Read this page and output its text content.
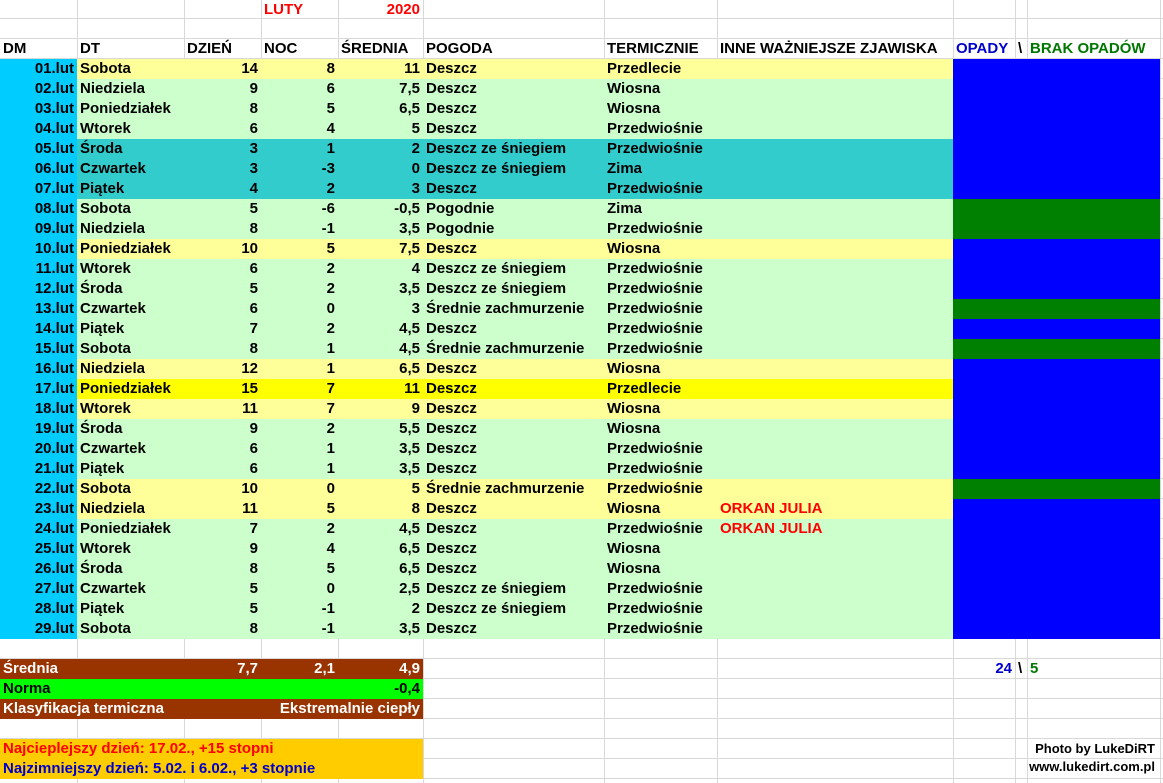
LUTY	2020
DM	DT	DZIEŃ	NOC	ŚREDNIA	POGODA	TERMICZNIE	INNE WAŻNIEJSZE ZJAWISKA	OPADY \ BRAK OPADÓW
01.lut Sobota	14	8	11 Deszcz	Przedlecie
02.lut Niedziela	9	6	7,5 Deszcz	Wiosna
03.lut Poniedziałek	8	5	6,5 Deszcz	Wiosna
04.lut Wtorek	6	4	5 Deszcz	Przedwiośnie
05.lut Środa	3	1	2 Deszcz ze śniegiem	Przedwiośnie
06.lut Czwartek	3	-3	0 Deszcz ze śniegiem	Zima
07.lut Piątek	4	2	3 Deszcz	Przedwiośnie
08.lut Sobota	5	-6	-0,5 Pogodnie	Zima
09.lut Niedziela	8	-1	3,5 Pogodnie	Przedwiośnie
10.lut Poniedziałek	10	5	7,5 Deszcz	Wiosna
11.lut Wtorek	6	2	4 Deszcz ze śniegiem	Przedwiośnie
12.lut Środa	5	2	3,5 Deszcz ze śniegiem	Przedwiośnie
13.lut Czwartek	6	0	3 Średnie zachmurzenie	Przedwiośnie
14.lut Piątek	7	2	4,5 Deszcz	Przedwiośnie
15.lut Sobota	8	1	4,5 Średnie zachmurzenie	Przedwiośnie
16.lut Niedziela	12	1	6,5 Deszcz	Wiosna
17.lut Poniedziałek	15	7	11 Deszcz	Przedlecie
18.lut Wtorek	11	7	9 Deszcz	Wiosna
19.lut Środa	9	2	5,5 Deszcz	Wiosna
20.lut Czwartek	6	1	3,5 Deszcz	Przedwiośnie
21.lut Piątek	6	1	3,5 Deszcz	Przedwiośnie
22.lut Sobota	10	0	5 Średnie zachmurzenie	Przedwiośnie
23.lut Niedziela	11	5	8 Deszcz	Wiosna	ORKAN JULIA
24.lut Poniedziałek	7	2	4,5 Deszcz	Przedwiośnie	ORKAN JULIA
25.lut Wtorek	9	4	6,5 Deszcz	Wiosna
26.lut Środa	8	5	6,5 Deszcz	Wiosna
27.lut Czwartek	5	0	2,5 Deszcz ze śniegiem	Przedwiośnie
28.lut Piątek	5	-1	2 Deszcz ze śniegiem	Przedwiośnie
29.lut Sobota	8	-1	3,5 Deszcz	Przedwiośnie
Średnia	7,7	2,1	4,9	24 \ 5
Norma	-0,4
Klasyfikacja termiczna	Ekstremalnie ciepły
Najcieplejszy dzień: 17.02., +15 stopni
Najzimniejszy dzień: 5.02. i 6.02., +3 stopnie
Photo by LukeDiRT
www.lukedirt.com.pl
